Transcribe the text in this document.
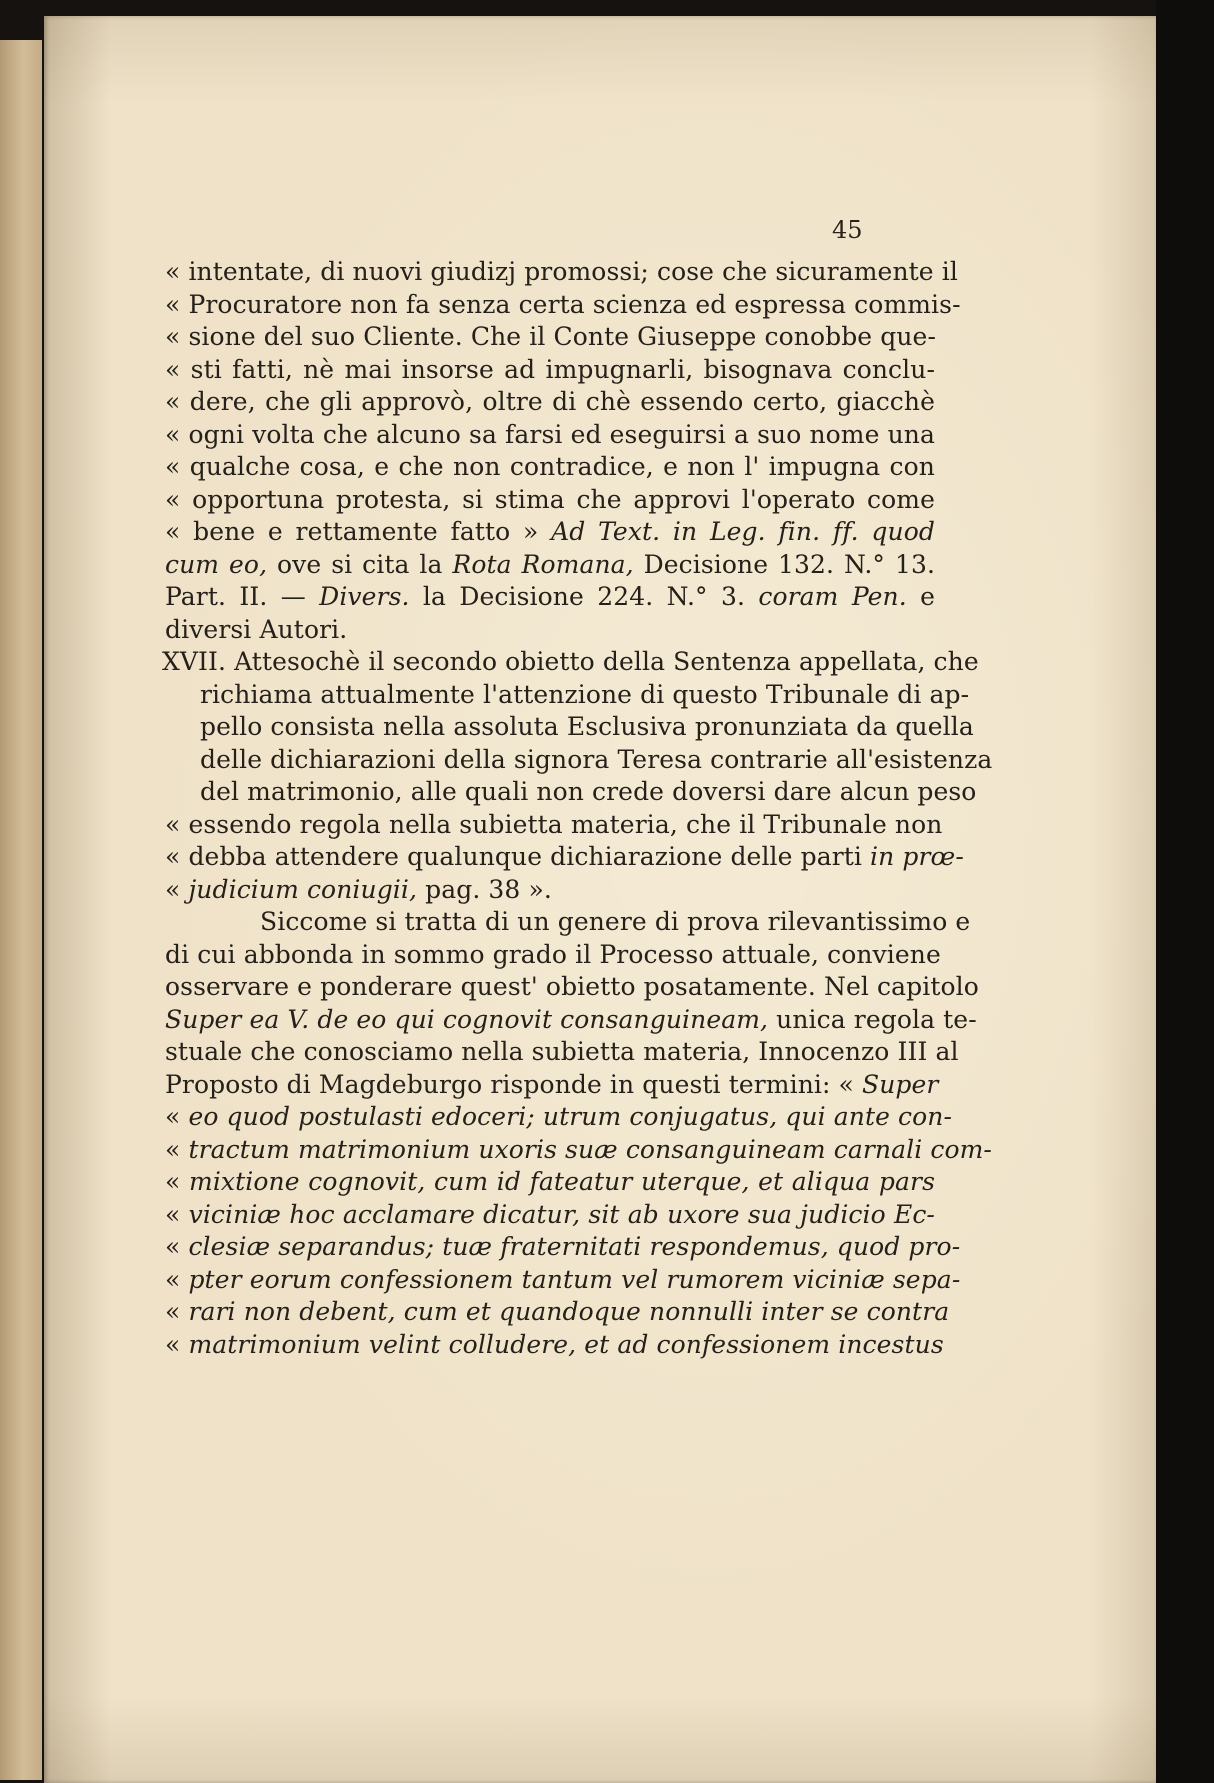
45
« intentate, di nuovi giudizj promossi; cose che sicuramente il
« Procuratore non fa senza certa scienza ed espressa commis-
« sione del suo Cliente. Che il Conte Giuseppe conobbe que-
« sti fatti, nè mai insorse ad impugnarli, bisognava conclu-
« dere, che gli approvò, oltre di chè essendo certo, giacchè
« ogni volta che alcuno sa farsi ed eseguirsi a suo nome una
« qualche cosa, e che non contradice, e non l' impugna con
« opportuna protesta, si stima che approvi l'operato come
« bene e rettamente fatto » Ad Text. in Leg. fin. ff. quod
cum eo, ove si cita la Rota Romana, Decisione 132. N.° 13.
Part. II. — Divers. la Decisione 224. N.° 3. coram Pen. e
diversi Autori.
XVII. Attesochè il secondo obietto della Sentenza appellata, che
richiama attualmente l'attenzione di questo Tribunale di ap-
pello consista nella assoluta Esclusiva pronunziata da quella
delle dichiarazioni della signora Teresa contrarie all'esistenza
del matrimonio, alle quali non crede doversi dare alcun peso
« essendo regola nella subietta materia, che il Tribunale non
« debba attendere qualunque dichiarazione delle parti in prœ-
« judicium coniugii, pag. 38 ».
Siccome si tratta di un genere di prova rilevantissimo e
di cui abbonda in sommo grado il Processo attuale, conviene
osservare e ponderare quest' obietto posatamente. Nel capitolo
Super ea V. de eo qui cognovit consanguineam, unica regola te-
stuale che conosciamo nella subietta materia, Innocenzo III al
Proposto di Magdeburgo risponde in questi termini: « Super
« eo quod postulasti edoceri; utrum conjugatus, qui ante con-
« tractum matrimonium uxoris suæ consanguineam carnali com-
« mixtione cognovit, cum id fateatur uterque, et aliqua pars
« viciniæ hoc acclamare dicatur, sit ab uxore sua judicio Ec-
« clesiæ separandus; tuæ fraternitati respondemus, quod pro-
« pter eorum confessionem tantum vel rumorem viciniæ sepa-
« rari non debent, cum et quandoque nonnulli inter se contra
« matrimonium velint colludere, et ad confessionem incestus
